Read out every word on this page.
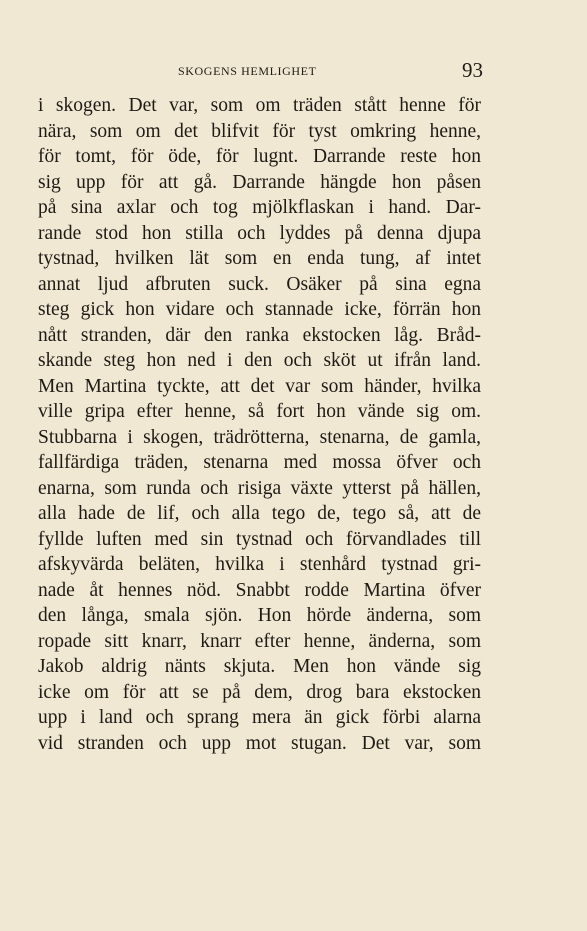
SKOGENS HEMLIGHET	93
i skogen. Det var, som om träden stått henne för
nära, som om det blifvit för tyst omkring henne,
för tomt, för öde, för lugnt. Darrande reste hon
sig upp för att gå. Darrande hängde hon påsen
på sina axlar och tog mjölkflaskan i hand. Dar-
rande stod hon stilla och lyddes på denna djupa
tystnad, hvilken lät som en enda tung, af intet
annat ljud afbruten suck. Osäker på sina egna
steg gick hon vidare och stannade icke, förrän hon
nått stranden, där den ranka ekstocken låg. Bråd-
skande steg hon ned i den och sköt ut ifrån land.
Men Martina tyckte, att det var som händer, hvilka
ville gripa efter henne, så fort hon vände sig om.
Stubbarna i skogen, trädrötterna, stenarna, de gamla,
fallfärdiga träden, stenarna med mossa öfver och
enarna, som runda och risiga växte ytterst på hällen,
alla hade de lif, och alla tego de, tego så, att de
fyllde luften med sin tystnad och förvandlades till
afskyvärda beläten, hvilka i stenhård tystnad gri-
nade åt hennes nöd. Snabbt rodde Martina öfver
den långa, smala sjön. Hon hörde änderna, som
ropade sitt knarr, knarr efter henne, änderna, som
Jakob aldrig nänts skjuta. Men hon vände sig
icke om för att se på dem, drog bara ekstocken
upp i land och sprang mera än gick förbi alarna
vid stranden och upp mot stugan. Det var, som
